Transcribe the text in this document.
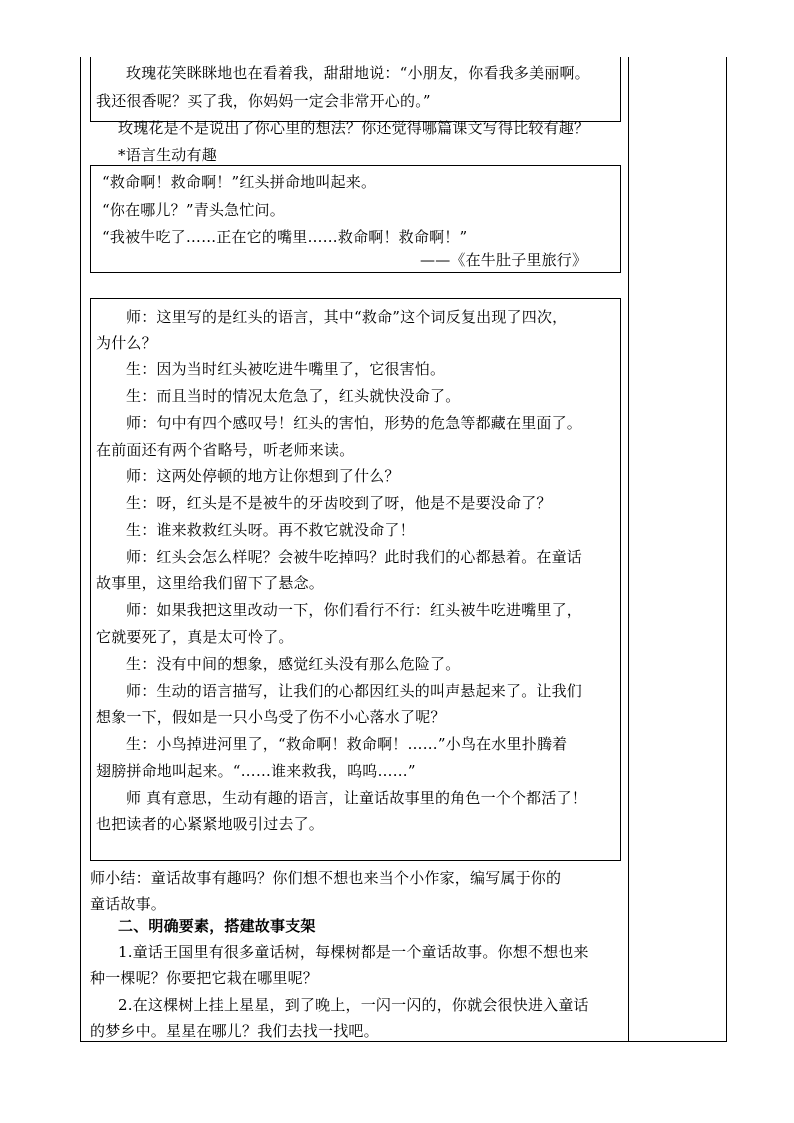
玫瑰花笑眯眯地也在看着我，甜甜地说：“小朋友，你看我多美丽啊。
我还很香呢？买了我，你妈妈一定会非常开心的。”
玫瑰花是不是说出了你心里的想法？你还觉得哪篇课文写得比较有趣？
*语言生动有趣
“救命啊！救命啊！”红头拼命地叫起来。
“你在哪儿？”青头急忙问。
“我被牛吃了……正在它的嘴里……救命啊！救命啊！”
——《在牛肚子里旅行》
师：这里写的是红头的语言，其中“救命”这个词反复出现了四次，
为什么？
生：因为当时红头被吃进牛嘴里了，它很害怕。
生：而且当时的情况太危急了，红头就快没命了。
师：句中有四个感叹号！红头的害怕，形势的危急等都藏在里面了。
在前面还有两个省略号，听老师来读。
师：这两处停顿的地方让你想到了什么？
生：呀，红头是不是被牛的牙齿咬到了呀，他是不是要没命了？
生：谁来救救红头呀。再不救它就没命了！
师：红头会怎么样呢？会被牛吃掉吗？此时我们的心都悬着。在童话
故事里，这里给我们留下了悬念。
师：如果我把这里改动一下，你们看行不行：红头被牛吃进嘴里了，
它就要死了，真是太可怜了。
生：没有中间的想象，感觉红头没有那么危险了。
师：生动的语言描写，让我们的心都因红头的叫声悬起来了。让我们
想象一下，假如是一只小鸟受了伤不小心落水了呢？
生：小鸟掉进河里了，“救命啊！救命啊！……”小鸟在水里扑腾着
翅膀拼命地叫起来。“……谁来救我，呜呜……”
师 真有意思，生动有趣的语言，让童话故事里的角色一个个都活了！
也把读者的心紧紧地吸引过去了。
师小结：童话故事有趣吗？你们想不想也来当个小作家，编写属于你的
童话故事。
二、明确要素，搭建故事支架
1.童话王国里有很多童话树，每棵树都是一个童话故事。你想不想也来
种一棵呢？你要把它栽在哪里呢？
2.在这棵树上挂上星星，到了晚上，一闪一闪的，你就会很快进入童话
的梦乡中。星星在哪儿？我们去找一找吧。
